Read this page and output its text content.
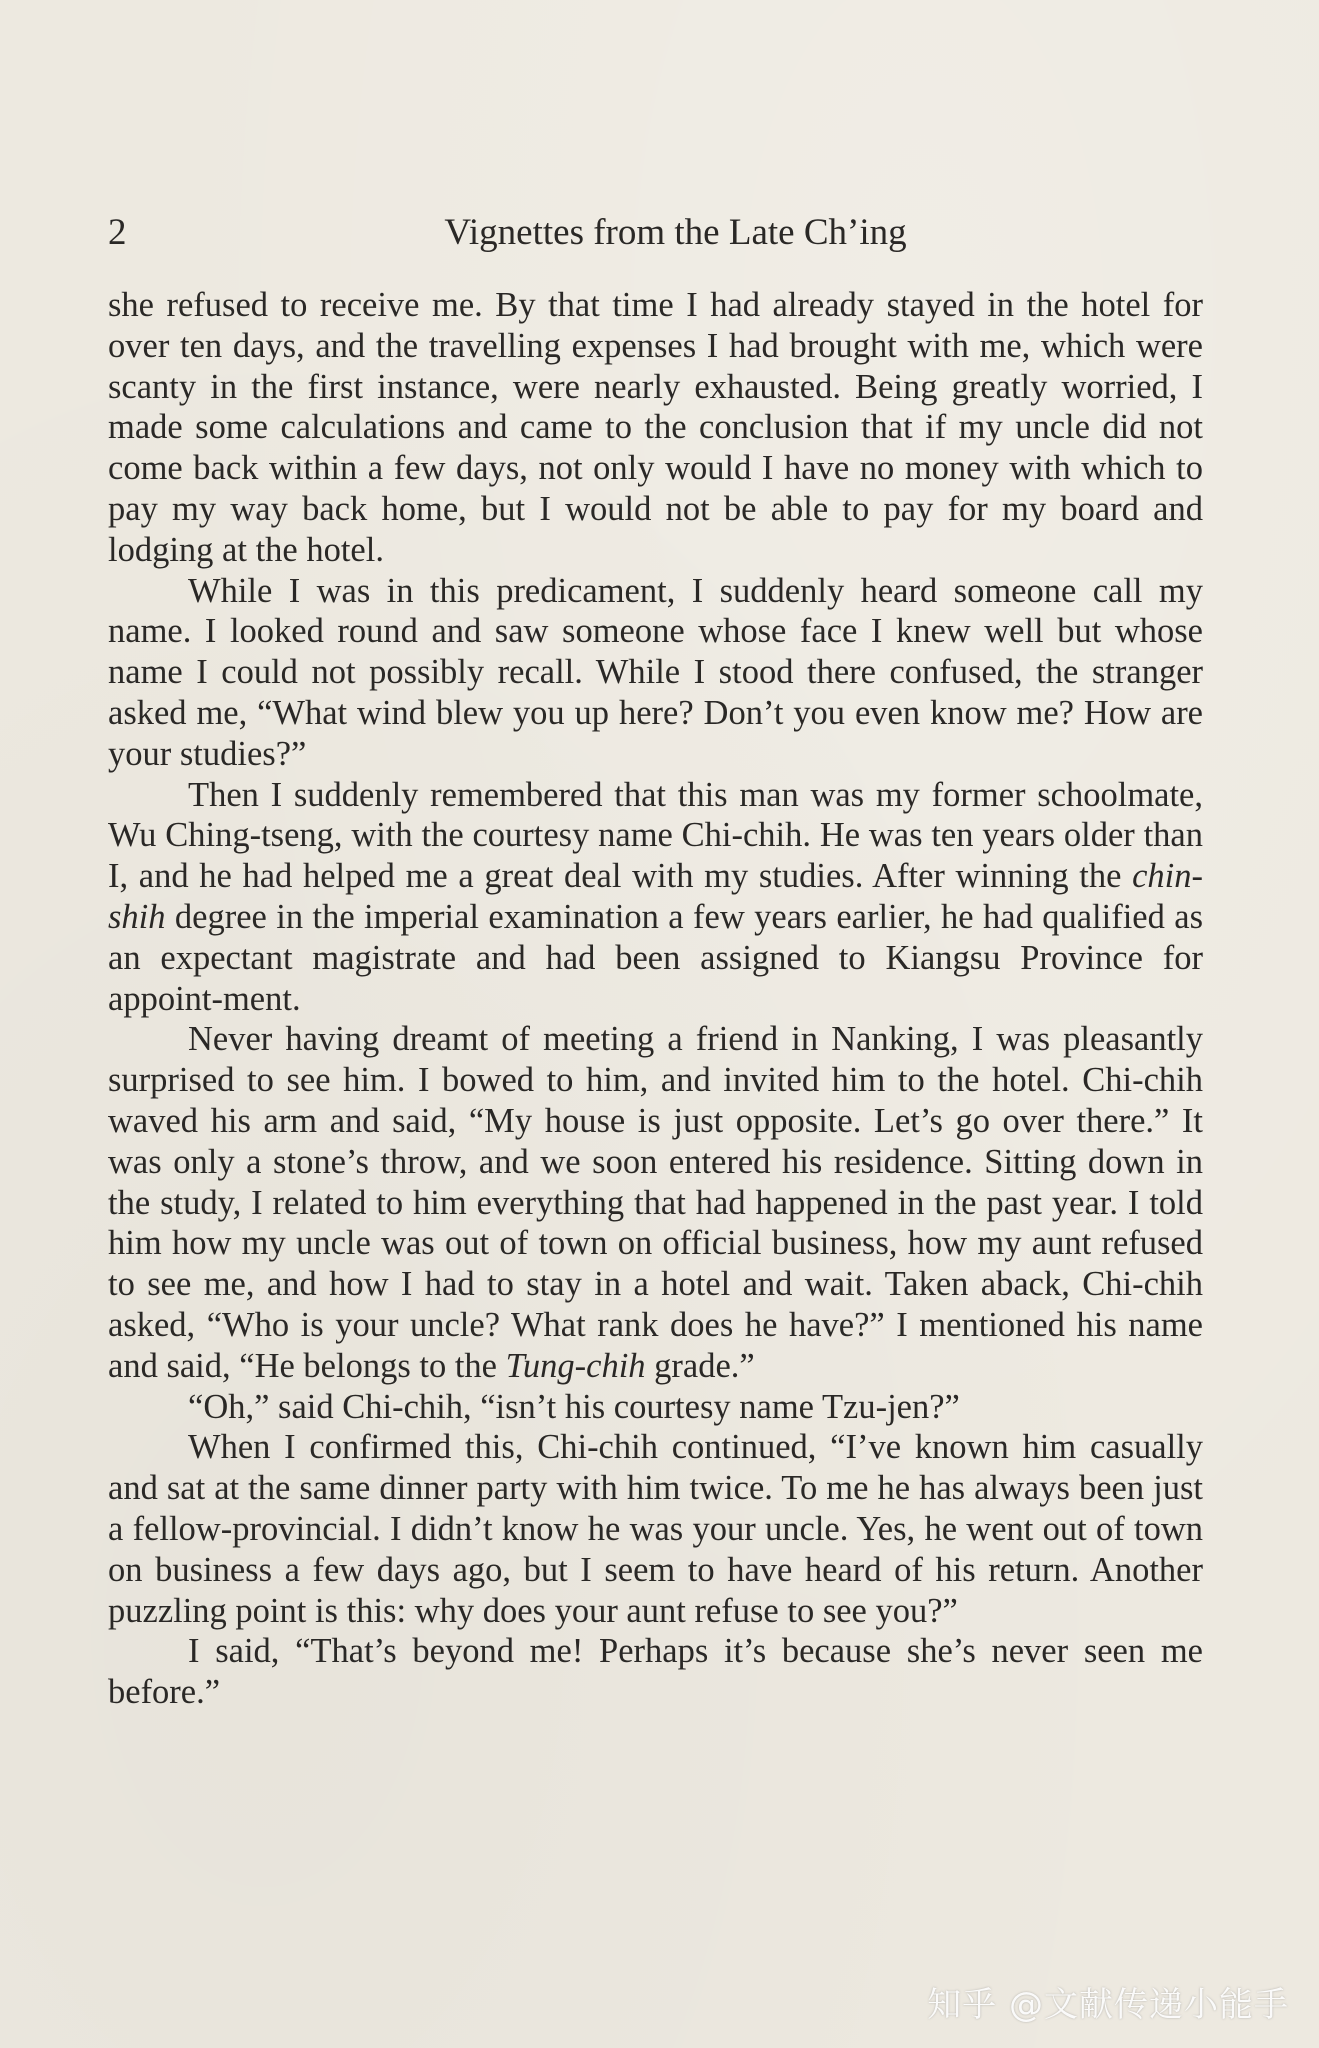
2	Vignettes from the Late Ch’ing

she refused to receive me. By that time I had already stayed in the hotel for over ten days, and the travelling expenses I had brought with me, which were scanty in the first instance, were nearly exhausted. Being greatly worried, I made some calculations and came to the conclusion that if my uncle did not come back within a few days, not only would I have no money with which to pay my way back home, but I would not be able to pay for my board and lodging at the hotel.

While I was in this predicament, I suddenly heard someone call my name. I looked round and saw someone whose face I knew well but whose name I could not possibly recall. While I stood there confused, the stranger asked me, “What wind blew you up here? Don’t you even know me? How are your studies?”

Then I suddenly remembered that this man was my former schoolmate, Wu Ching-tseng, with the courtesy name Chi-chih. He was ten years older than I, and he had helped me a great deal with my studies. After winning the chin-shih degree in the imperial examination a few years earlier, he had qualified as an expectant magistrate and had been assigned to Kiangsu Province for appoint-ment.

Never having dreamt of meeting a friend in Nanking, I was pleasantly surprised to see him. I bowed to him, and invited him to the hotel. Chi-chih waved his arm and said, “My house is just opposite. Let’s go over there.” It was only a stone’s throw, and we soon entered his residence. Sitting down in the study, I related to him everything that had happened in the past year. I told him how my uncle was out of town on official business, how my aunt refused to see me, and how I had to stay in a hotel and wait. Taken aback, Chi-chih asked, “Who is your uncle? What rank does he have?” I mentioned his name and said, “He belongs to the Tung-chih grade.”

“Oh,” said Chi-chih, “isn’t his courtesy name Tzu-jen?”

When I confirmed this, Chi-chih continued, “I’ve known him casually and sat at the same dinner party with him twice. To me he has always been just a fellow-provincial. I didn’t know he was your uncle. Yes, he went out of town on business a few days ago, but I seem to have heard of his return. Another puzzling point is this: why does your aunt refuse to see you?”

I said, “That’s beyond me! Perhaps it’s because she’s never seen me before.”

知乎 @文献传递小能手
